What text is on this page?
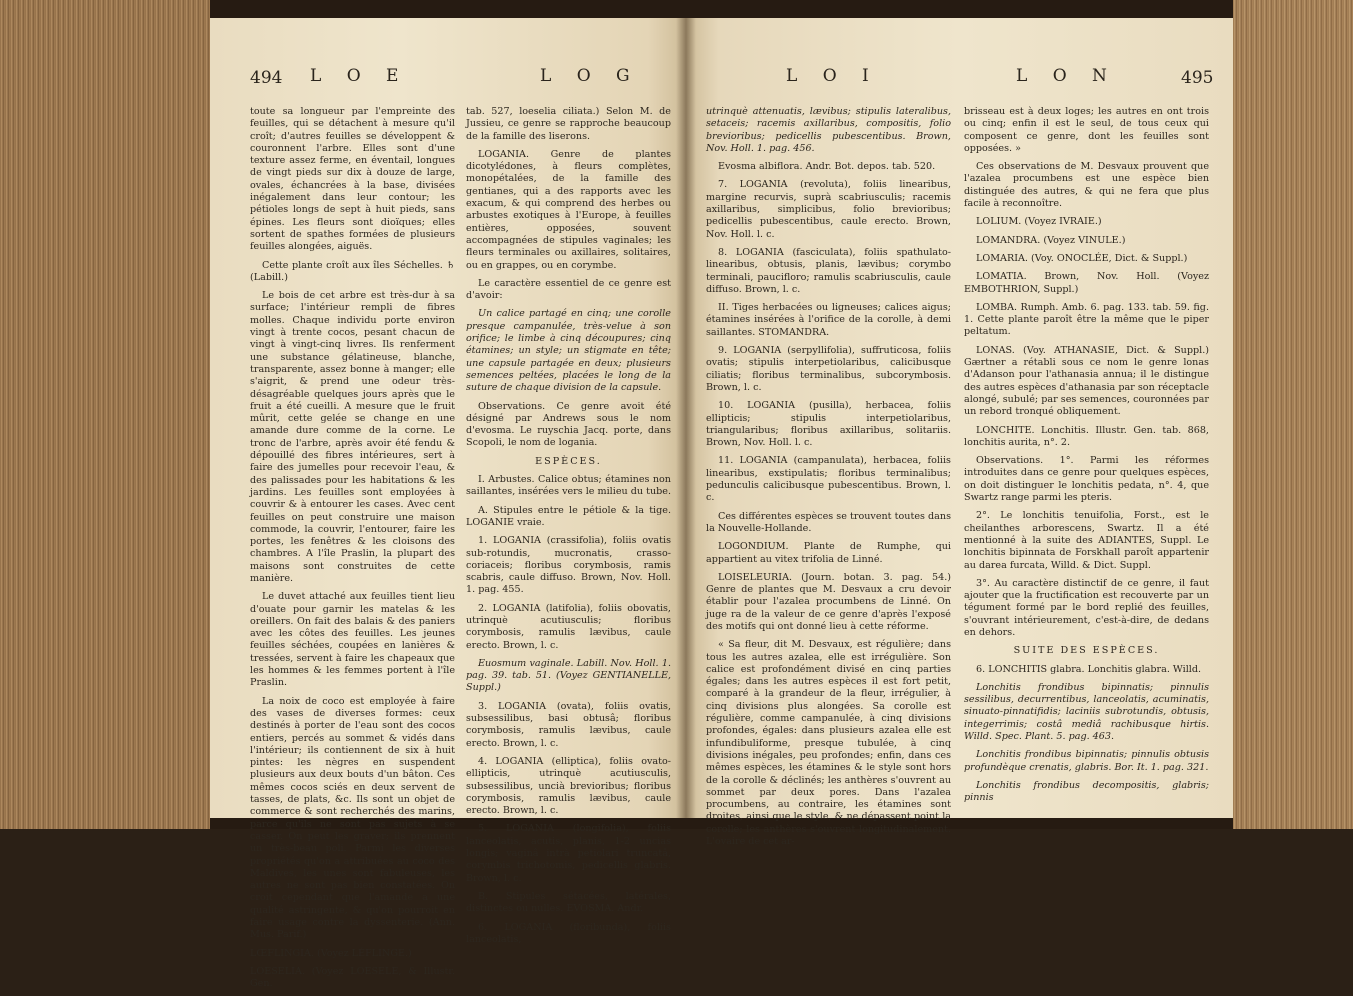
494 L O E	L O G

toute sa longueur par l'empreinte des feuilles, qui se détachent à mesure qu'il croît; d'autres feuilles se développent & couronnent l'arbre. Elles sont d'une texture assez ferme, en éventail, longues de vingt pieds sur dix à douze de large, ovales, échancrées à la base, divisées inégalement dans leur contour; les pétioles longs de sept à huit pieds, sans épines. Les fleurs sont dioïques; elles sortent de spathes formées de plusieurs feuilles alongées, aiguës.

Cette plante croît aux îles Séchelles. ♄ (Labill.)

Le bois de cet arbre est très-dur à sa surface; l'intérieur rempli de fibres molles. Chaque individu porte environ vingt à trente cocos, pesant chacun de vingt à vingt-cinq livres. Ils renferment une substance gélatineuse, blanche, transparente, assez bonne à manger; elle s'aigrit, & prend une odeur très-désagréable quelques jours après que le fruit a été cueilli. A mesure que le fruit mûrit, cette gelée se change en une amande dure comme de la corne. Le tronc de l'arbre, après avoir été fendu & dépouillé des fibres intérieures, sert à faire des jumelles pour recevoir l'eau, & des palissades pour les habitations & les jardins. Les feuilles sont employées à couvrir & à entourer les cases. Avec cent feuilles on peut construire une maison commode, la couvrir, l'entourer, faire les portes, les fenêtres & les cloisons des chambres. A l'île Praslin, la plupart des maisons sont construites de cette manière.

Le duvet attaché aux feuilles tient lieu d'ouate pour garnir les matelas & les oreillers. On fait des balais & des paniers avec les côtes des feuilles. Les jeunes feuilles séchées, coupées en lanières & tressées, servent à faire les chapeaux que les hommes & les femmes portent à l'île Praslin.

La noix de coco est employée à faire des vases de diverses formes: ceux destinés à porter de l'eau sont des cocos entiers, percés au sommet & vidés dans l'intérieur; ils contiennent de six à huit pintes: les nègres en suspendent plusieurs aux deux bouts d'un bâton. Ces mêmes cocos sciés en deux servent de tasses, de plats, &c. Ils sont un objet de commerce & sont recherchés des marins, parce qu'ils ne sont pas sujets à se casser. On peut les graver; ils prennent un très-beau poli. Parmi les diverses propriétés qu'on a attribuées au coco des Maldives, les unes sont fabuleuses, les autres ne sont pas bien constatées. On croit cependant que l'amande a une qualité astringente, & qu'on pourroit en faire usage contre la dyssenterie. (Ann. Mus. Parif.)

LŒFLINGIA. (Voyez LÉFLINGE.)

LOESELIA. (Voyez LOESELE, & Illustr. Gen.

tab. 527, loeselia ciliata.) Selon M. de Jussieu, ce genre se rapproche beaucoup de la famille des liserons.

LOGANIA. Genre de plantes dicotylédones, à fleurs complètes, monopétalées, de la famille des gentianes, qui a des rapports avec les exacum, & qui comprend des herbes ou arbustes exotiques à l'Europe, à feuilles entières, opposées, souvent accompagnées de stipules vaginales; les fleurs terminales ou axillaires, solitaires, ou en grappes, ou en corymbe.

Le caractère essentiel de ce genre est d'avoir:

Un calice partagé en cinq; une corolle presque campanulée, très-velue à son orifice; le limbe à cinq découpures; cinq étamines; un style; un stigmate en tête; une capsule partagée en deux; plusieurs semences peltées, placées le long de la suture de chaque division de la capsule.

Observations. Ce genre avoit été désigné par Andrews sous le nom d'evosma. Le ruyschia Jacq. porte, dans Scopoli, le nom de logania.

ESPÈCES.

I. Arbustes. Calice obtus; étamines non saillantes, insérées vers le milieu du tube.

A. Stipules entre le pétiole & la tige. LOGANIE vraie.

1. LOGANIA (crassifolia), foliis ovatis sub-rotundis, mucronatis, crasso-coriaceis; floribus corymbosis, ramis scabris, caule diffuso. Brown, Nov. Holl. 1. pag. 455.

2. LOGANIA (latifolia), foliis obovatis, utrinquè acutiusculis; floribus corymbosis, ramulis lævibus, caule erecto. Brown, l. c.

Euosmum vaginale. Labill. Nov. Holl. 1. pag. 39. tab. 51. (Voyez GENTIANELLE, Suppl.)

3. LOGANIA (ovata), foliis ovatis, subsessilibus, basi obtusâ; floribus corymbosis, ramulis lævibus, caule erecto. Brown, l. c.

4. LOGANIA (elliptica), foliis ovato-ellipticis, utrinquè acutiusculis, subsessilibus, uncià brevioribus; floribus corymbosis, ramulis lævibus, caule erecto. Brown, l. c.

5. LOGANIA (longifolia), foliis lanceolatis, acutis, planis, 1-2 uncias longis; vaginâ intrà petiolari truncatâ, corymbis trichotomis, pedicellis glabris. Brown, l. c.

B. Stipules sétacées, latérales, distinctes ou nulles. EVOSMA. Andr.

6. LOGANIA (floribunda), foliis lanceolatis,

L O I	L O N	495

utrinquè attenuatis, lævibus; stipulis lateralibus, setaceis; racemis axillaribus, compositis, folio brevioribus; pedicellis pubescentibus. Brown, Nov. Holl. 1. pag. 456.

Evosma albiflora. Andr. Bot. depos. tab. 520.

7. LOGANIA (revoluta), foliis linearibus, margine recurvis, suprà scabriusculis; racemis axillaribus, simplicibus, folio brevioribus; pedicellis pubescentibus, caule erecto. Brown, Nov. Holl. l. c.

8. LOGANIA (fasciculata), foliis spathulato-linearibus, obtusis, planis, lævibus; corymbo terminali, paucifloro; ramulis scabriusculis, caule diffuso. Brown, l. c.

II. Tiges herbacées ou ligneuses; calices aigus; étamines insérées à l'orifice de la corolle, à demi saillantes. STOMANDRA.

9. LOGANIA (serpyllifolia), suffruticosa, foliis ovatis; stipulis interpetiolaribus, calicibusque ciliatis; floribus terminalibus, subcorymbosis. Brown, l. c.

10. LOGANIA (pusilla), herbacea, foliis ellipticis; stipulis interpetiolaribus, triangularibus; floribus axillaribus, solitariis. Brown, Nov. Holl. l. c.

11. LOGANIA (campanulata), herbacea, foliis linearibus, exstipulatis; floribus terminalibus; pedunculis calicibusque pubescentibus. Brown, l. c.

Ces différentes espèces se trouvent toutes dans la Nouvelle-Hollande.

LOGONDIUM. Plante de Rumphe, qui appartient au vitex trifolia de Linné.

LOISELEURIA. (Journ. botan. 3. pag. 54.) Genre de plantes que M. Desvaux a cru devoir établir pour l'azalea procumbens de Linné. On juge ra de la valeur de ce genre d'après l'exposé des motifs qui ont donné lieu à cette réforme.

« Sa fleur, dit M. Desvaux, est régulière; dans tous les autres azalea, elle est irrégulière. Son calice est profondément divisé en cinq parties égales; dans les autres espèces il est fort petit, comparé à la grandeur de la fleur, irrégulier, à cinq divisions plus alongées. Sa corolle est régulière, comme campanulée, à cinq divisions profondes, égales: dans plusieurs azalea elle est infundibuliforme, presque tubulée, à cinq divisions inégales, peu profondes; enfin, dans ces mêmes espèces, les étamines & le style sont hors de la corolle & déclinés; les anthères s'ouvrent au sommet par deux pores. Dans l'azalea procumbens, au contraire, les étamines sont droites, ainsi que le style, & ne dépassent point la corolle; les anthères s'ouvrent longitudinalement. L'ovaire de cet ar-

brisseau est à deux loges; les autres en ont trois ou cinq; enfin il est le seul, de tous ceux qui composent ce genre, dont les feuilles sont opposées. »

Ces observations de M. Desvaux prouvent que l'azalea procumbens est une espèce bien distinguée des autres, & qui ne fera que plus facile à reconnoître.

LOLIUM. (Voyez IVRAIE.)

LOMANDRA. (Voyez VINULE.)

LOMARIA. (Voy. ONOCLÉE, Dict. & Suppl.)

LOMATIA. Brown, Nov. Holl. (Voyez EMBOTHRION, Suppl.)

LOMBA. Rumph. Amb. 6. pag. 133. tab. 59. fig. 1. Cette plante paroît être la même que le piper peltatum.

LONAS. (Voy. ATHANASIE, Dict. & Suppl.) Gærtner a rétabli sous ce nom le genre lonas d'Adanson pour l'athanasia annua; il le distingue des autres espèces d'athanasia par son réceptacle alongé, subulé; par ses semences, couronnées par un rebord tronqué obliquement.

LONCHITE. Lonchitis. Illustr. Gen. tab. 868, lonchitis aurita, n°. 2.

Observations. 1°. Parmi les réformes introduites dans ce genre pour quelques espèces, on doit distinguer le lonchitis pedata, n°. 4, que Swartz range parmi les pteris.

2°. Le lonchitis tenuifolia, Forst., est le cheilanthes arborescens, Swartz. Il a été mentionné à la suite des ADIANTES, Suppl. Le lonchitis bipinnata de Forskhall paroît appartenir au darea furcata, Willd. & Dict. Suppl.

3°. Au caractère distinctif de ce genre, il faut ajouter que la fructification est recouverte par un tégument formé par le bord replié des feuilles, s'ouvrant intérieurement, c'est-à-dire, de dedans en dehors.

SUITE DES ESPÈCES.

6. LONCHITIS glabra. Lonchitis glabra. Willd.

Lonchitis frondibus bipinnatis; pinnulis sessilibus, decurrentibus, lanceolatis, acuminatis, sinuato-pinnatifidis; laciniis subrotundis, obtusis, integerrimis; costâ mediâ rachibusque hirtis. Willd. Spec. Plant. 5. pag. 463.

Lonchitis frondibus bipinnatis; pinnulis obtusis profundèque crenatis, glabris. Bor. It. 1. pag. 321.

Lonchitis frondibus decompositis, glabris; pinnis
